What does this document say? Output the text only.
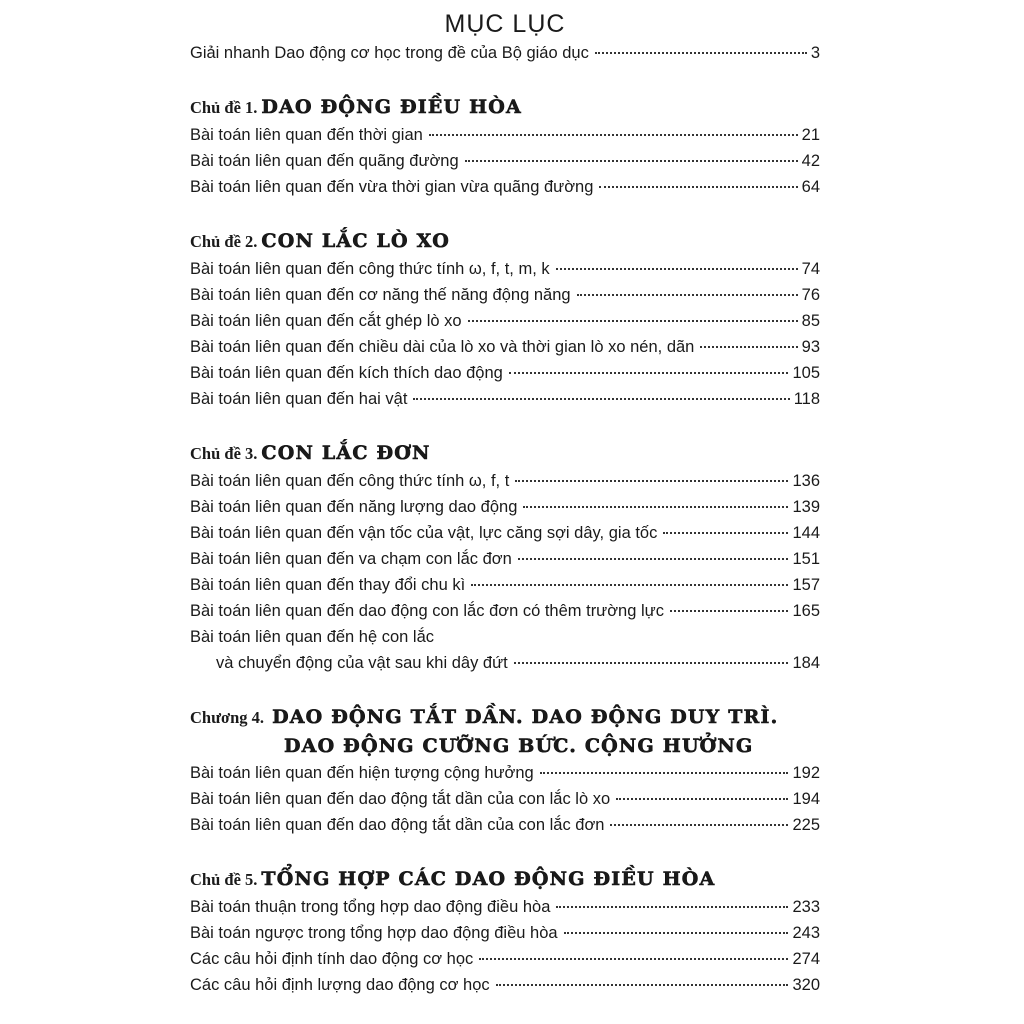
MỤC LỤC
Giải nhanh Dao động cơ học trong đề của Bộ giáo dục	3
Chủ đề 1. DAO ĐỘNG ĐIỀU HÒA
Bài toán liên quan đến thời gian	21
Bài toán liên quan đến quãng đường	42
Bài toán liên quan đến vừa thời gian vừa quãng đường	64
Chủ đề 2. CON LẮC LÒ XO
Bài toán liên quan đến công thức tính ω, f, t, m, k	74
Bài toán liên quan đến cơ năng thế năng động năng	76
Bài toán liên quan đến cắt ghép lò xo	85
Bài toán liên quan đến chiều dài của lò xo và thời gian lò xo nén, dãn	93
Bài toán liên quan đến kích thích dao động	105
Bài toán liên quan đến hai vật	118
Chủ đề 3. CON LẮC ĐƠN
Bài toán liên quan đến công thức tính ω, f, t	136
Bài toán liên quan đến năng lượng dao động	139
Bài toán liên quan đến vận tốc của vật, lực căng sợi dây, gia tốc	144
Bài toán liên quan đến va chạm con lắc đơn	151
Bài toán liên quan đến thay đổi chu kì	157
Bài toán liên quan đến dao động con lắc đơn có thêm trường lực	165
Bài toán liên quan đến hệ con lắc
và chuyển động của vật sau khi dây đứt	184
Chương 4. DAO ĐỘNG TẮT DẦN. DAO ĐỘNG DUY TRÌ.
DAO ĐỘNG CƯỠNG BỨC. CỘNG HƯỞNG
Bài toán liên quan đến hiện tượng cộng hưởng	192
Bài toán liên quan đến dao động tắt dần của con lắc lò xo	194
Bài toán liên quan đến dao động tắt dần của con lắc đơn	225
Chủ đề 5. TỔNG HỢP CÁC DAO ĐỘNG ĐIỀU HÒA
Bài toán thuận trong tổng hợp dao động điều hòa	233
Bài toán ngược trong tổng hợp dao động điều hòa	243
Các câu hỏi định tính dao động cơ học	274
Các câu hỏi định lượng dao động cơ học	320
